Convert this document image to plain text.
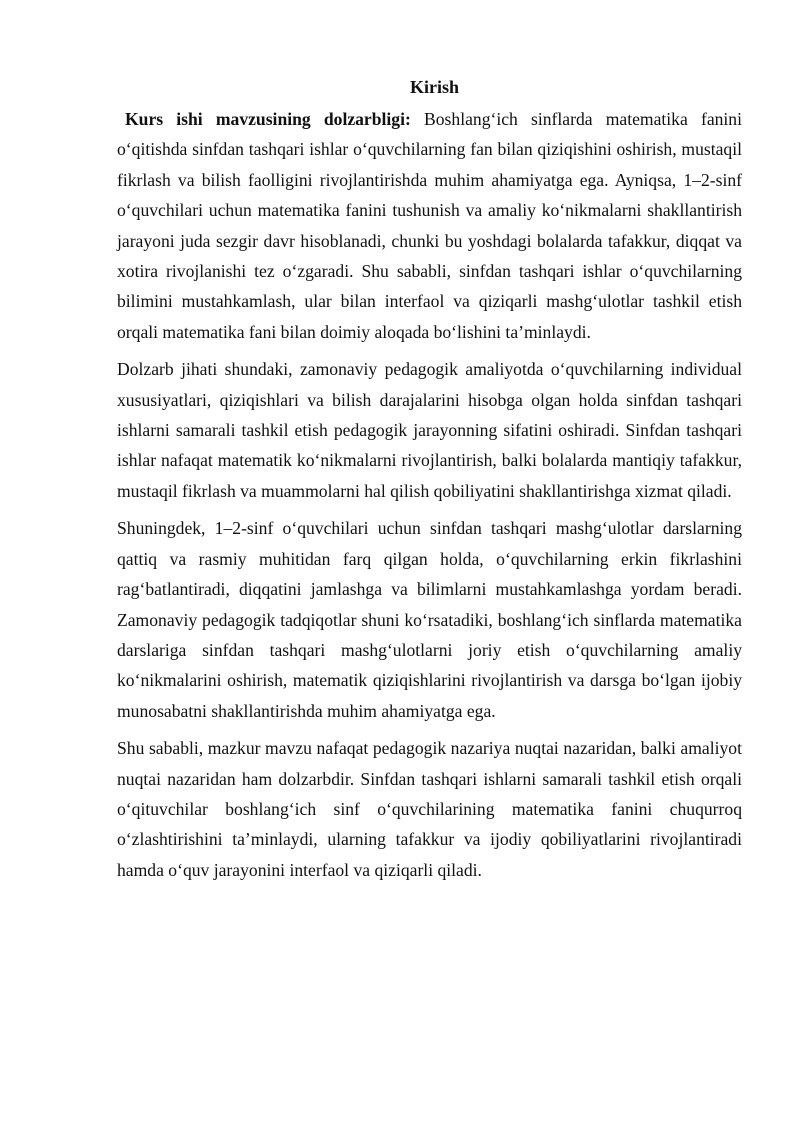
Kirish

Kurs ishi mavzusining dolzarbligi: Boshlang‘ich sinflarda matematika fanini o‘qitishda sinfdan tashqari ishlar o‘quvchilarning fan bilan qiziqishini oshirish, mustaqil fikrlash va bilish faolligini rivojlantirishda muhim ahamiyatga ega. Ayniqsa, 1–2-sinf o‘quvchilari uchun matematika fanini tushunish va amaliy ko‘nikmalarni shakllantirish jarayoni juda sezgir davr hisoblanadi, chunki bu yoshdagi bolalarda tafakkur, diqqat va xotira rivojlanishi tez o‘zgaradi. Shu sababli, sinfdan tashqari ishlar o‘quvchilarning bilimini mustahkamlash, ular bilan interfaol va qiziqarli mashg‘ulotlar tashkil etish orqali matematika fani bilan doimiy aloqada bo‘lishini ta’minlaydi.

Dolzarb jihati shundaki, zamonaviy pedagogik amaliyotda o‘quvchilarning individual xususiyatlari, qiziqishlari va bilish darajalarini hisobga olgan holda sinfdan tashqari ishlarni samarali tashkil etish pedagogik jarayonning sifatini oshiradi. Sinfdan tashqari ishlar nafaqat matematik ko‘nikmalarni rivojlantirish, balki bolalarda mantiqiy tafakkur, mustaqil fikrlash va muammolarni hal qilish qobiliyatini shakllantirishga xizmat qiladi.

Shuningdek, 1–2-sinf o‘quvchilari uchun sinfdan tashqari mashg‘ulotlar darslarning qattiq va rasmiy muhitidan farq qilgan holda, o‘quvchilarning erkin fikrlashini rag‘batlantiradi, diqqatini jamlashga va bilimlarni mustahkamlashga yordam beradi. Zamonaviy pedagogik tadqiqotlar shuni ko‘rsatadiki, boshlang‘ich sinflarda matematika darslariga sinfdan tashqari mashg‘ulotlarni joriy etish o‘quvchilarning amaliy ko‘nikmalarini oshirish, matematik qiziqishlarini rivojlantirish va darsga bo‘lgan ijobiy munosabatni shakllantirishda muhim ahamiyatga ega.

Shu sababli, mazkur mavzu nafaqat pedagogik nazariya nuqtai nazaridan, balki amaliyot nuqtai nazaridan ham dolzarbdir. Sinfdan tashqari ishlarni samarali tashkil etish orqali o‘qituvchilar boshlang‘ich sinf o‘quvchilarining matematika fanini chuqurroq o‘zlashtirishini ta’minlaydi, ularning tafakkur va ijodiy qobiliyatlarini rivojlantiradi hamda o‘quv jarayonini interfaol va qiziqarli qiladi.
